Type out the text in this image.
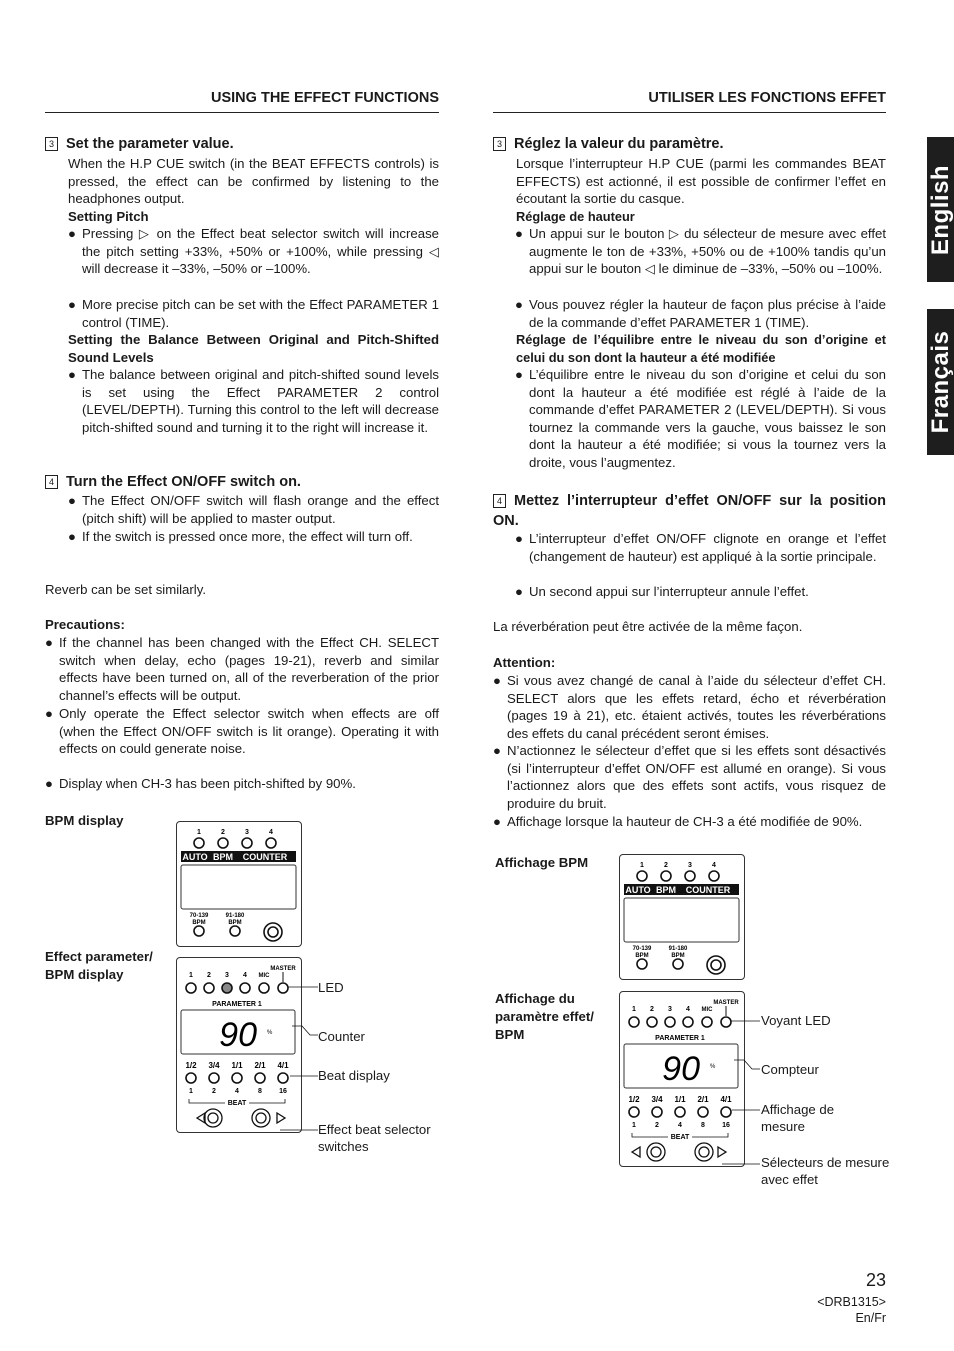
English
Français
USING THE EFFECT FUNCTIONS
3 Set the parameter value.
When the H.P CUE switch (in the BEAT EFFECTS controls) is pressed, the effect can be confirmed by listening to the headphones output.
Setting Pitch
● Pressing ▷ on the Effect beat selector switch will increase the pitch setting +33%, +50% or +100%, while pressing ◁ will decrease it –33%, –50% or –100%.
● More precise pitch can be set with the Effect PARAMETER 1 control (TIME).
Setting the Balance Between Original and Pitch-Shifted Sound Levels
● The balance between original and pitch-shifted sound levels is set using the Effect PARAMETER 2 control (LEVEL/DEPTH). Turning this control to the left will decrease pitch-shifted sound and turning it to the right will increase it.
4 Turn the Effect ON/OFF switch on.
● The Effect ON/OFF switch will flash orange and the effect (pitch shift) will be applied to master output.
● If the switch is pressed once more, the effect will turn off.
Reverb can be set similarly.
Precautions:
● If the channel has been changed with the Effect CH. SELECT switch when delay, echo (pages 19-21), reverb and similar effects have been turned on, all of the reverberation of the prior channel’s effects will be output.
● Only operate the Effect selector switch when effects are off (when the Effect ON/OFF switch is lit orange). Operating it with effects on could generate noise.
● Display when CH-3 has been pitch-shifted by 90%.
BPM display
Effect parameter/ BPM display
1	2	3	4
AUTO BPM COUNTER
70-139
BPM
91-180
BPM
MASTER
1 2 3 4 MIC
PARAMETER 1
90 %
1/2 3/4 1/1 2/1 4/1
1	2	4	8 16
BEAT
LED
Counter
Beat display
Effect beat selector switches
UTILISER LES FONCTIONS EFFET
3 Réglez la valeur du paramètre.
Lorsque l’interrupteur H.P CUE (parmi les commandes BEAT EFFECTS) est actionné, il est possible de confirmer l’effet en écoutant la sortie du casque.
Réglage de hauteur
● Un appui sur le bouton ▷ du sélecteur de mesure avec effet augmente le ton de +33%, +50% ou de +100% tandis qu’un appui sur le bouton ◁ le diminue de –33%, –50% ou –100%.
● Vous pouvez régler la hauteur de façon plus précise à l’aide de la commande d’effet PARAMETER 1 (TIME).
Réglage de l’équilibre entre le niveau du son d’origine et celui du son dont la hauteur a été modifiée
● L’équilibre entre le niveau du son d’origine et celui du son dont la hauteur a été modifiée est réglé à l’aide de la commande d’effet PARAMETER 2 (LEVEL/DEPTH). Si vous tournez la commande vers la gauche, vous baissez le son dont la hauteur a été modifiée; si vous la tournez vers la droite, vous l’augmentez.
4 Mettez l’interrupteur d’effet ON/OFF sur la position ON.
● L’interrupteur d’effet ON/OFF clignote en orange et l’effet (changement de hauteur) est appliqué à la sortie principale.
● Un second appui sur l’interrupteur annule l’effet.
La réverbération peut être activée de la même façon.
Attention:
● Si vous avez changé de canal à l’aide du sélecteur d’effet CH. SELECT alors que les effets retard, écho et réverbération (pages 19 à 21), etc. étaient activés, toutes les réverbérations des effets du canal précédent seront émises.
● N’actionnez le sélecteur d’effet que si les effets sont désactivés (si l’interrupteur d’effet ON/OFF est allumé en orange). Si vous l’actionnez alors que des effets sont actifs, vous risquez de produire du bruit.
● Affichage lorsque la hauteur de CH-3 a été modifiée de 90%.
Affichage BPM
Affichage du paramètre effet/ BPM
1	2	3	4
AUTO BPM COUNTER
70-139
BPM
91-180
BPM
MASTER
1 2 3 4 MIC
PARAMETER 1
90 %
1/2 3/4 1/1 2/1 4/1
1	2	4	8 16
BEAT
Voyant LED
Compteur
Affichage de mesure
Sélecteurs de mesure avec effet
23
<DRB1315>
En/Fr
